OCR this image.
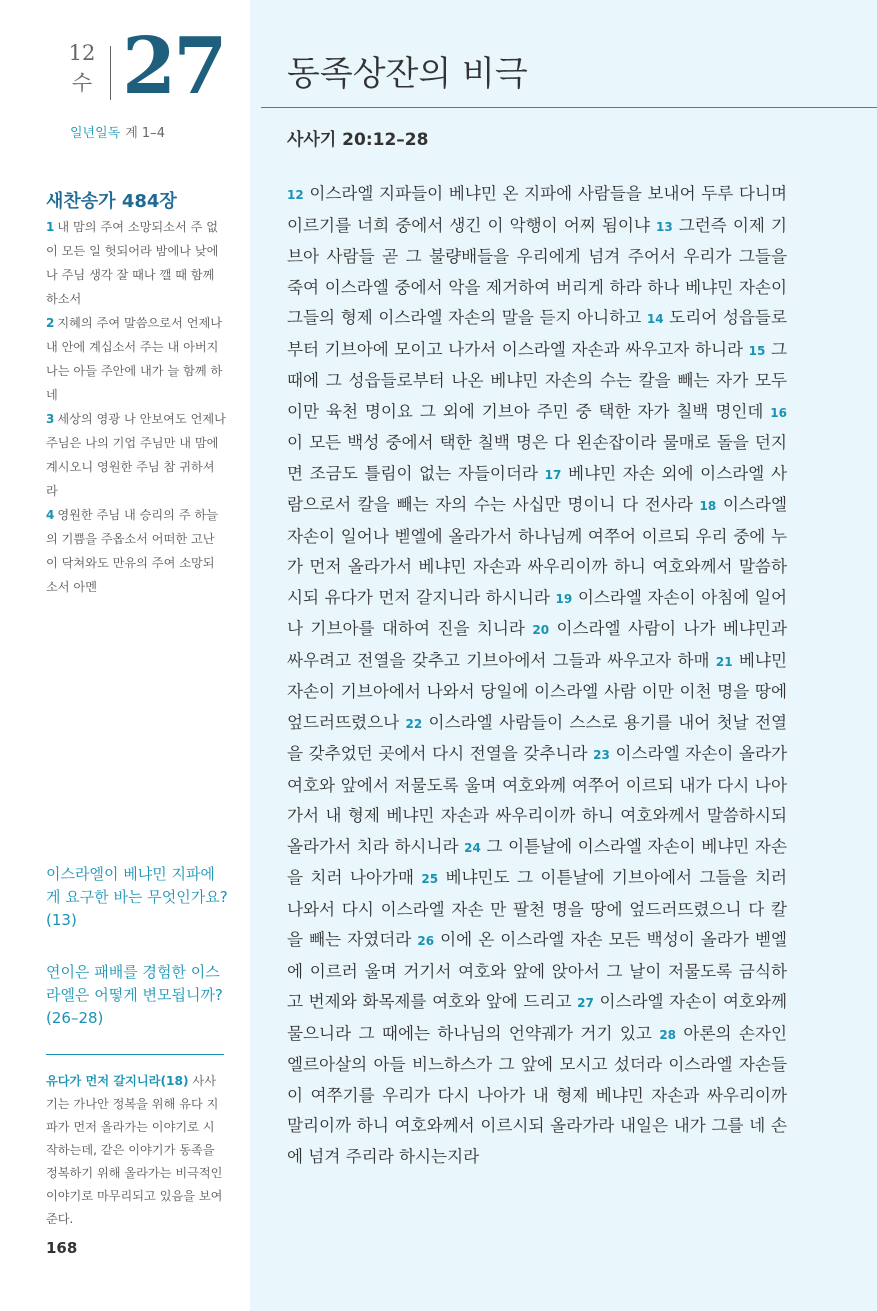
12
수 27
일년일독 계 1–4
새찬송가 484장

1 내 맘의 주여 소망되소서 주 없이 모든 일 헛되어라 밤에나 낮에나 주님 생각 잘 때나 깰 때 함께 하소서

2 지혜의 주여 말씀으로서 언제나 내 안에 계십소서 주는 내 아버지 나는 아들 주안에 내가 늘 함께 하네

3 세상의 영광 나 안보여도 언제나 주님은 나의 기업 주님만 내 맘에 계시오니 영원한 주님 참 귀하셔라

4 영원한 주님 내 승리의 주 하늘의 기쁨을 주옵소서 어떠한 고난이 닥쳐와도 만유의 주여 소망되소서 아멘

이스라엘이 베냐민 지파에게 요구한 바는 무엇인가요?(13)

연이은 패배를 경험한 이스라엘은 어떻게 변모됩니까?(26–28)

유다가 먼저 갈지니라(18) 사사기는 가나안 정복을 위해 유다 지파가 먼저 올라가는 이야기로 시작하는데, 같은 이야기가 동족을 정복하기 위해 올라가는 비극적인 이야기로 마무리되고 있음을 보여준다.

168
동족상잔의 비극
사사기 20:12–28

12 이스라엘 지파들이 베냐민 온 지파에 사람들을 보내어 두루 다니며 이르기를 너희 중에서 생긴 이 악행이 어찌 됨이냐 13 그런즉 이제 기브아 사람들 곧 그 불량배들을 우리에게 넘겨 주어서 우리가 그들을 죽여 이스라엘 중에서 악을 제거하여 버리게 하라 하나 베냐민 자손이 그들의 형제 이스라엘 자손의 말을 듣지 아니하고 14 도리어 성읍들로부터 기브아에 모이고 나가서 이스라엘 자손과 싸우고자 하니라 15 그 때에 그 성읍들로부터 나온 베냐민 자손의 수는 칼을 빼는 자가 모두 이만 육천 명이요 그 외에 기브아 주민 중 택한 자가 칠백 명인데 16 이 모든 백성 중에서 택한 칠백 명은 다 왼손잡이라 물매로 돌을 던지면 조금도 틀림이 없는 자들이더라 17 베냐민 자손 외에 이스라엘 사람으로서 칼을 빼는 자의 수는 사십만 명이니 다 전사라 18 이스라엘 자손이 일어나 벧엘에 올라가서 하나님께 여쭈어 이르되 우리 중에 누가 먼저 올라가서 베냐민 자손과 싸우리이까 하니 여호와께서 말씀하시되 유다가 먼저 갈지니라 하시니라 19 이스라엘 자손이 아침에 일어나 기브아를 대하여 진을 치니라 20 이스라엘 사람이 나가 베냐민과 싸우려고 전열을 갖추고 기브아에서 그들과 싸우고자 하매 21 베냐민 자손이 기브아에서 나와서 당일에 이스라엘 사람 이만 이천 명을 땅에 엎드러뜨렸으나 22 이스라엘 사람들이 스스로 용기를 내어 첫날 전열을 갖추었던 곳에서 다시 전열을 갖추니라 23 이스라엘 자손이 올라가 여호와 앞에서 저물도록 울며 여호와께 여쭈어 이르되 내가 다시 나아가서 내 형제 베냐민 자손과 싸우리이까 하니 여호와께서 말씀하시되 올라가서 치라 하시니라 24 그 이튿날에 이스라엘 자손이 베냐민 자손을 치러 나아가매 25 베냐민도 그 이튿날에 기브아에서 그들을 치러 나와서 다시 이스라엘 자손 만 팔천 명을 땅에 엎드러뜨렸으니 다 칼을 빼는 자였더라 26 이에 온 이스라엘 자손 모든 백성이 올라가 벧엘에 이르러 울며 거기서 여호와 앞에 앉아서 그 날이 저물도록 금식하고 번제와 화목제를 여호와 앞에 드리고 27 이스라엘 자손이 여호와께 물으니라 그 때에는 하나님의 언약궤가 거기 있고 28 아론의 손자인 엘르아살의 아들 비느하스가 그 앞에 모시고 섰더라 이스라엘 자손들이 여쭈기를 우리가 다시 나아가 내 형제 베냐민 자손과 싸우리이까 말리이까 하니 여호와께서 이르시되 올라가라 내일은 내가 그를 네 손에 넘겨 주리라 하시는지라
